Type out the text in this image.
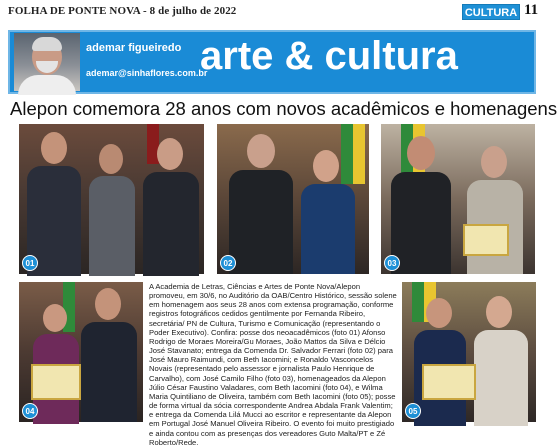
FOLHA DE PONTE NOVA - 8 de julho de 2022	CULTURA 11
ademar figueiredo
ademar@sinhaflores.com.br
arte & cultura
Alepon comemora 28 anos com novos acadêmicos e homenagens
01	02	03
04	05
A Academia de Letras, Ciências e Artes de Ponte Nova/Alepon promoveu, em 30/6, no Auditório da OAB/Centro Histórico, sessão solene em homenagem aos seus 28 anos com extensa programação, conforme registros fotográficos cedidos gentilmente por Fernanda Ribeiro, secretária/ PN de Cultura, Turismo e Comunicação (representando o Poder Executivo). Confira: posse dos neoacadêmicos (foto 01) Afonso Rodrigo de Moraes Moreira/Gu Moraes, João Mattos da Silva e Délcio José Stavanato; entrega da Comenda Dr. Salvador Ferrari (foto 02) para José Mauro Raimundi, com Beth Iacomini; e Ronaldo Vasconcelos Novais (representado pelo assessor e jornalista Paulo Henrique de Carvalho), com José Camilo Filho (foto 03), homenageados da Alepon Júlio César Faustino Valadares, com Beth Iacomini (foto 04), e Wilma Maria Quintiliano de Oliveira, também com Beth Iacomini (foto 05); posse de forma virtual da sócia correspondente Andrea Abdala Frank Valentim; e entrega da Comenda Lilá Mucci ao escritor e representante da Alepon em Portugal José Manuel Oliveira Ribeiro. O evento foi muito prestigiado e ainda contou com as presenças dos vereadores Guto Malta/PT e Zé Roberto/Rede.
